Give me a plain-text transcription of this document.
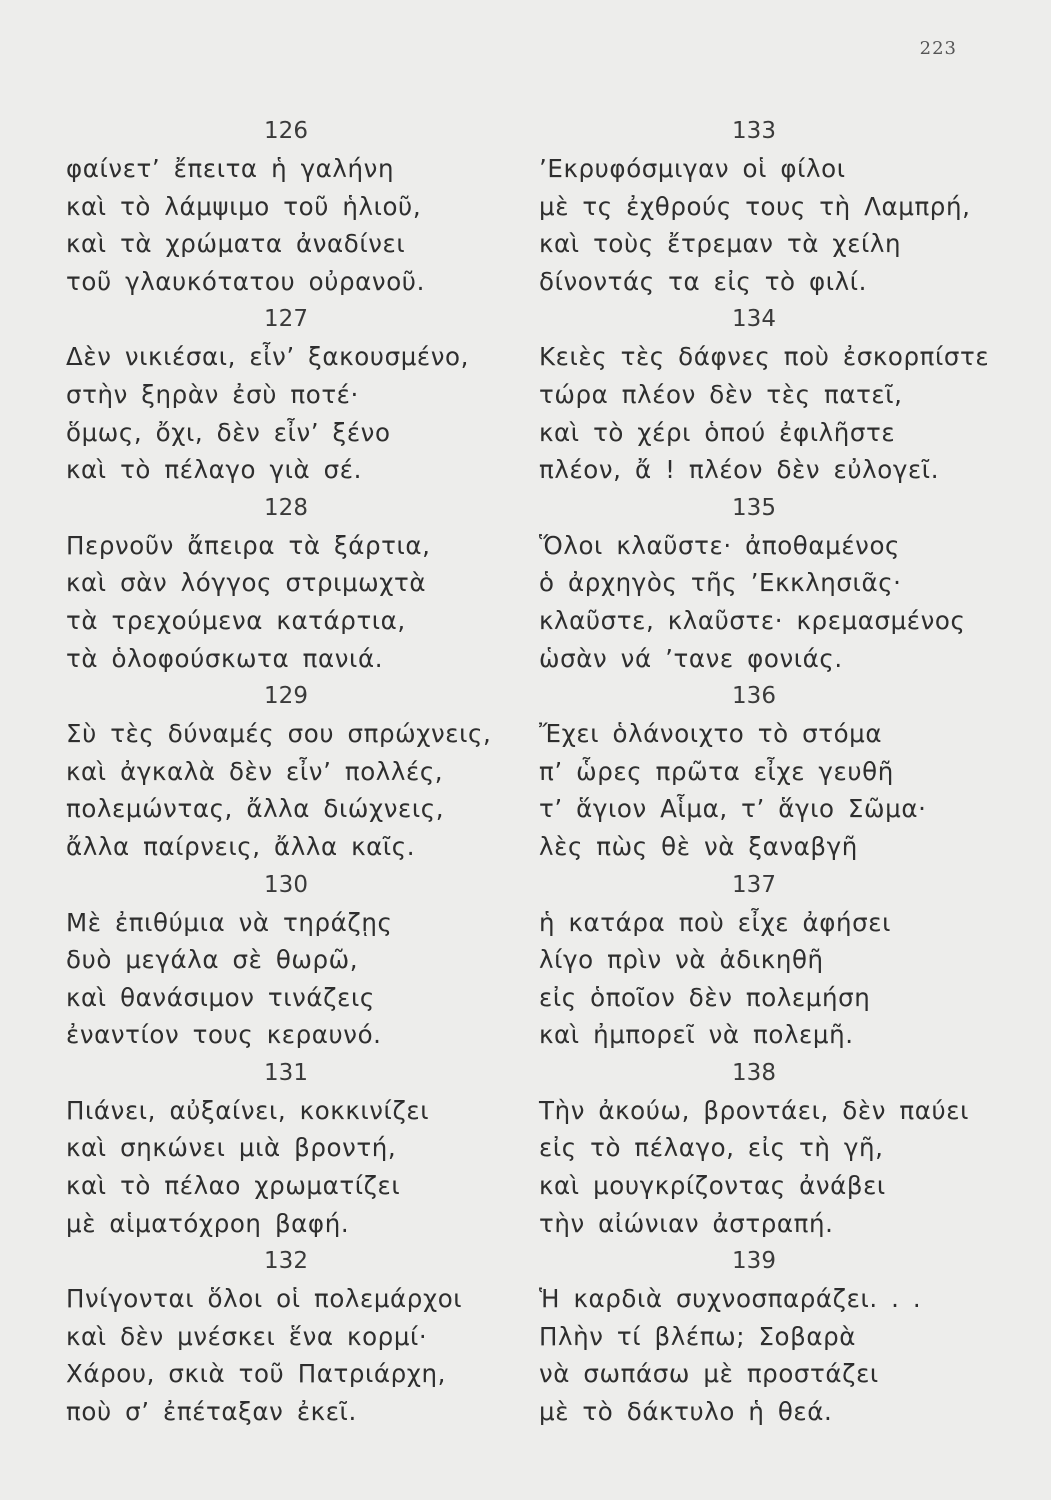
223
126
φαίνετ’ ἔπειτα ἡ γαλήνη
καὶ τὸ λάμψιμο τοῦ ἡλιοῦ,
καὶ τὰ χρώματα ἀναδίνει
τοῦ γλαυκότατου οὐρανοῦ.
127
Δὲν νικιέσαι, εἶν’ ξακουσμένο,
στὴν ξηρὰν ἐσὺ ποτέ·
ὅμως, ὄχι, δὲν εἶν’ ξένο
καὶ τὸ πέλαγο γιὰ σέ.
128
Περνοῦν ἄπειρα τὰ ξάρτια,
καὶ σὰν λόγγος στριμωχτὰ
τὰ τρεχούμενα κατάρτια,
τὰ ὁλοφούσκωτα πανιά.
129
Σὺ τὲς δύναμές σου σπρώχνεις,
καὶ ἀγκαλὰ δὲν εἶν’ πολλές,
πολεμώντας, ἄλλα διώχνεις,
ἄλλα παίρνεις, ἄλλα καῖς.
130
Μὲ ἐπιθύμια νὰ τηράζῃς
δυὸ μεγάλα σὲ θωρῶ,
καὶ θανάσιμον τινάζεις
ἐναντίον τους κεραυνό.
131
Πιάνει, αὐξαίνει, κοκκινίζει
καὶ σηκώνει μιὰ βροντή,
καὶ τὸ πέλαο χρωματίζει
μὲ αἱματόχροη βαφή.
132
Πνίγονται ὅλοι οἱ πολεμάρχοι
καὶ δὲν μνέσκει ἕνα κορμί·
Χάρου, σκιὰ τοῦ Πατριάρχη,
ποὺ σ’ ἐπέταξαν ἐκεῖ.
133
’Εκρυφόσμιγαν οἱ φίλοι
μὲ τς ἐχθρούς τους τὴ Λαμπρή,
καὶ τοὺς ἔτρεμαν τὰ χείλη
δίνοντάς τα εἰς τὸ φιλί.
134
Κειὲς τὲς δάφνες ποὺ ἐσκορπίστε
τώρα πλέον δὲν τὲς πατεῖ,
καὶ τὸ χέρι ὁπού ἐφιλῆστε
πλέον, ἄ ! πλέον δὲν εὐλογεῖ.
135
Ὅλοι κλαῦστε· ἀποθαμένος
ὁ ἀρχηγὸς τῆς ’Εκκλησιᾶς·
κλαῦστε, κλαῦστε· κρεμασμένος
ὡσὰν νά ’τανε φονιάς.
136
Ἔχει ὁλάνοιχτο τὸ στόμα
π’ ὧρες πρῶτα εἶχε γευθῆ
τ’ ἅγιον Αἷμα, τ’ ἅγιο Σῶμα·
λὲς πὼς θὲ νὰ ξαναβγῆ
137
ἡ κατάρα ποὺ εἶχε ἀφήσει
λίγο πρὶν νὰ ἀδικηθῆ
εἰς ὁποῖον δὲν πολεμήση
καὶ ἠμπορεῖ νὰ πολεμῆ.
138
Τὴν ἀκούω, βροντάει, δὲν παύει
εἰς τὸ πέλαγο, εἰς τὴ γῆ,
καὶ μουγκρίζοντας ἀνάβει
τὴν αἰώνιαν ἀστραπή.
139
Ἡ καρδιὰ συχνοσπαράζει. . .
Πλὴν τί βλέπω; Σοβαρὰ
νὰ σωπάσω μὲ προστάζει
μὲ τὸ δάκτυλο ἡ θεά.
